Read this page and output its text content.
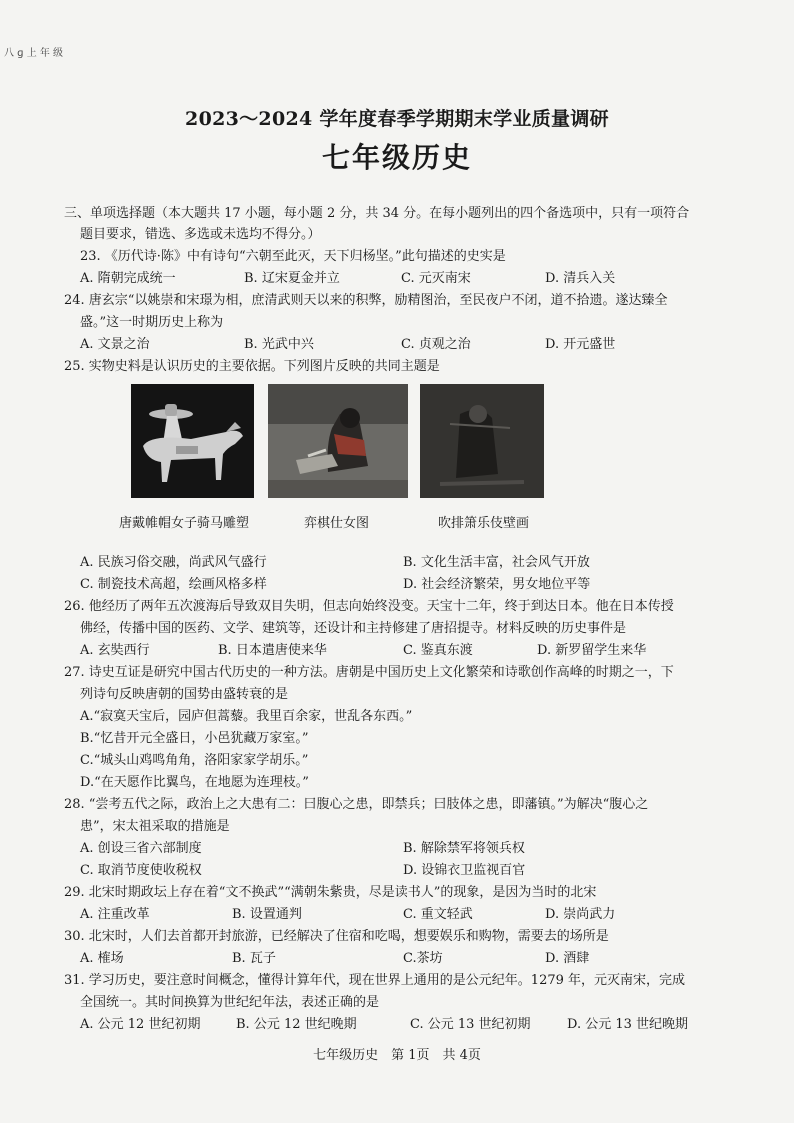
八 ɡ 上 年 级
2023～2024 学年度春季学期期末学业质量调研
七年级历史
三、单项选择题（本大题共 17 小题，每小题 2 分，共 34 分。在每小题列出的四个备选项中，只有一项符合
题目要求，错选、多选或未选均不得分。）
23. 《历代诗·陈》中有诗句“六朝至此灭，天下归杨坚。”此句描述的史实是
A. 隋朝完成统一	B. 辽宋夏金并立	C. 元灭南宋	D. 清兵入关
24. 唐玄宗“以姚崇和宋璟为相，庶清武则天以来的积弊，励精图治，至民夜户不闭，道不拾遗。遂达臻全
盛。”这一时期历史上称为
A. 文景之治	B. 光武中兴	C. 贞观之治	D. 开元盛世
25. 实物史料是认识历史的主要依据。下列图片反映的共同主题是
唐戴帷帽女子骑马雕塑	弈棋仕女图	吹排箫乐伎壁画
A. 民族习俗交融，尚武风气盛行	B. 文化生活丰富，社会风气开放
C. 制瓷技术高超，绘画风格多样	D. 社会经济繁荣，男女地位平等
26. 他经历了两年五次渡海后导致双目失明，但志向始终没变。天宝十二年，终于到达日本。他在日本传授
佛经，传播中国的医药、文学、建筑等，还设计和主持修建了唐招提寺。材料反映的历史事件是
A. 玄奘西行	B. 日本遣唐使来华	C. 鉴真东渡	D. 新罗留学生来华
27. 诗史互证是研究中国古代历史的一种方法。唐朝是中国历史上文化繁荣和诗歌创作高峰的时期之一，下
列诗句反映唐朝的国势由盛转衰的是
A.“寂寞天宝后，园庐但蒿藜。我里百余家，世乱各东西。”
B.“忆昔开元全盛日，小邑犹藏万家室。”
C.“城头山鸡鸣角角，洛阳家家学胡乐。”
D.“在天愿作比翼鸟，在地愿为连理枝。”
28. “尝考五代之际，政治上之大患有二：曰腹心之患，即禁兵；曰肢体之患，即藩镇。”为解决“腹心之
患”，宋太祖采取的措施是
A. 创设三省六部制度	B. 解除禁军将领兵权
C. 取消节度使收税权	D. 设锦衣卫监视百官
29. 北宋时期政坛上存在着“文不换武”“满朝朱紫贵，尽是读书人”的现象，是因为当时的北宋
A. 注重改革	B. 设置通判	C. 重文轻武	D. 崇尚武力
30. 北宋时，人们去首都开封旅游，已经解决了住宿和吃喝，想要娱乐和购物，需要去的场所是
A. 榷场	B. 瓦子	C.茶坊	D. 酒肆
31. 学习历史，要注意时间概念，懂得计算年代，现在世界上通用的是公元纪年。1279 年，元灭南宋，完成
全国统一。其时间换算为世纪纪年法，表述正确的是
A. 公元 12 世纪初期	B. 公元 12 世纪晚期	C. 公元 13 世纪初期	D. 公元 13 世纪晚期
七年级历史　第 1页　共 4页
